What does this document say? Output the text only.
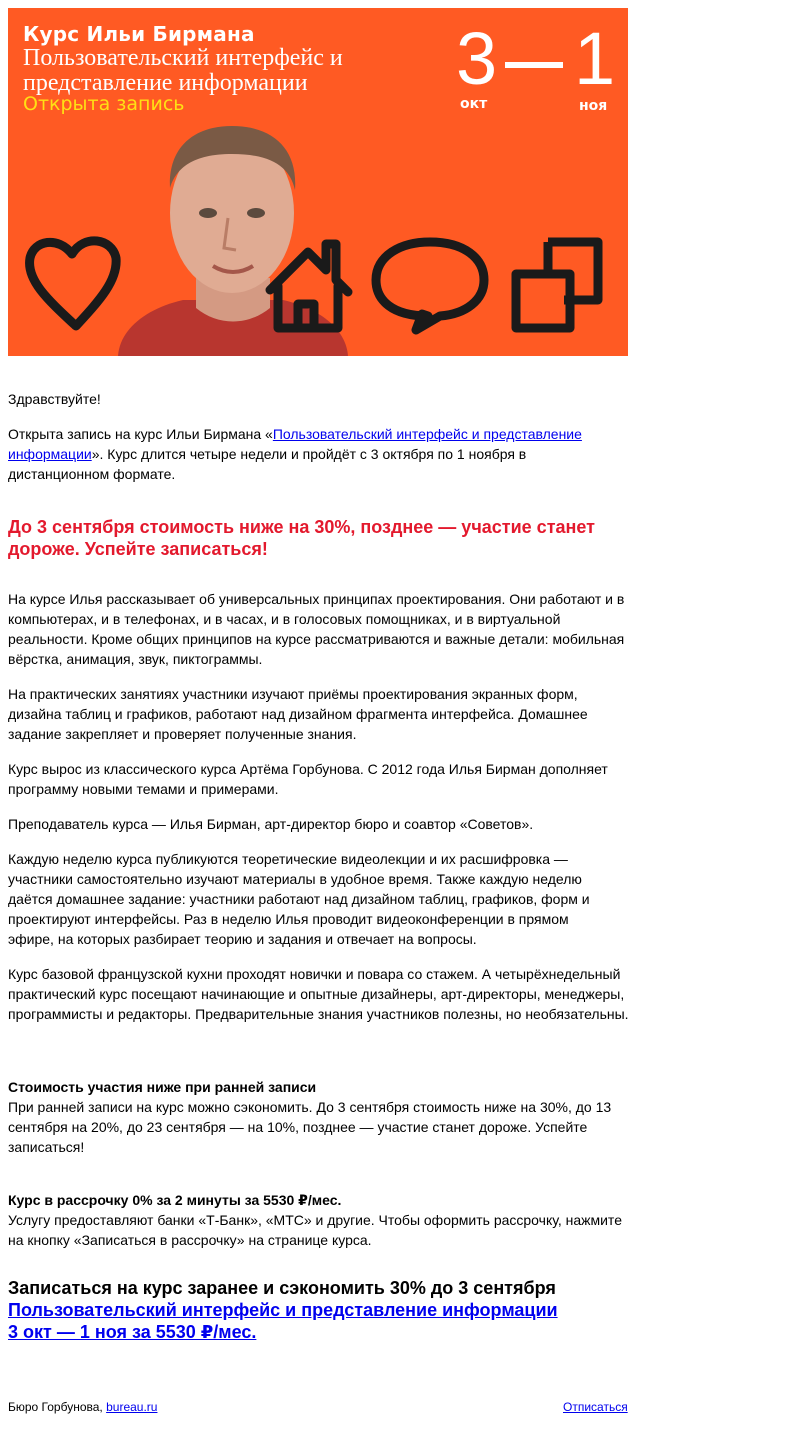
Курс Ильи Бирмана
Пользовательский интерфейс и представление информации
Открыта запись
3 1
окт	ноя
Здравствуйте!
Открыта запись на курс Ильи Бирмана «Пользовательский интерфейс и представление информации». Курс длится четыре недели и пройдёт с 3 октября по 1 ноября в дистанционном формате.
До 3 сентября стоимость ниже на 30%, позднее — участие станет дороже. Успейте записаться!
На курсе Илья рассказывает об универсальных принципах проектирования. Они работают и в компьютерах, и в телефонах, и в часах, и в голосовых помощниках, и в виртуальной реальности. Кроме общих принципов на курсе рассматриваются и важные детали: мобильная вёрстка, анимация, звук, пиктограммы.
На практических занятиях участники изучают приёмы проектирования экранных форм, дизайна таблиц и графиков, работают над дизайном фрагмента интерфейса. Домашнее задание закрепляет и проверяет полученные знания.
Курс вырос из классического курса Артёма Горбунова. С 2012 года Илья Бирман дополняет программу новыми темами и примерами.
Преподаватель курса — Илья Бирман, арт-директор бюро и соавтор «Советов».
Каждую неделю курса публикуются теоретические видеолекции и их расшифровка — участники самостоятельно изучают материалы в удобное время. Также каждую неделю даётся домашнее задание: участники работают над дизайном таблиц, графиков, форм и проектируют интерфейсы. Раз в неделю Илья проводит видеоконференции в прямом эфире, на которых разбирает теорию и задания и отвечает на вопросы.
Курс базовой французской кухни проходят новички и повара со стажем. А четырёхнедельный практический курс посещают начинающие и опытные дизайнеры, арт-директоры, менеджеры, программисты и редакторы. Предварительные знания участников полезны, но необязательны.
Стоимость участия ниже при ранней записи
При ранней записи на курс можно сэкономить. До 3 сентября стоимость ниже на 30%, до 13 сентября на 20%, до 23 сентября — на 10%, позднее — участие станет дороже. Успейте записаться!
Курс в рассрочку 0% за 2 минуты за 5530 ₽/мес.
Услугу предоставляют банки «Т-Банк», «МТС» и другие. Чтобы оформить рассрочку, нажмите на кнопку «Записаться в рассрочку» на странице курса.
Записаться на курс заранее и сэкономить 30% до 3 сентября
Пользовательский интерфейс и представление информации
3 окт — 1 ноя за 5530 ₽/мес.
Бюро Горбунова, bureau.ru	Отписаться
